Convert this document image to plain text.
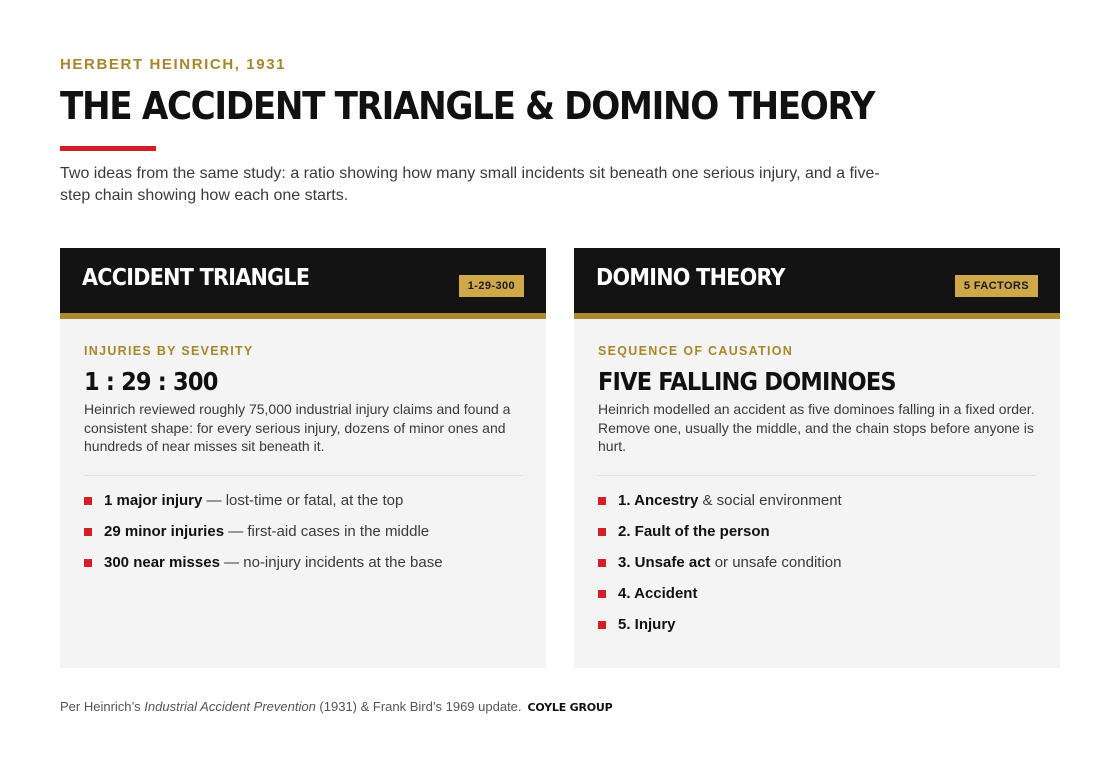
HERBERT HEINRICH, 1931
THE ACCIDENT TRIANGLE & DOMINO THEORY

Two ideas from the same study: a ratio showing how many small incidents sit beneath one serious injury, and a five-step chain showing how each one starts.

ACCIDENT TRIANGLE	1-29-300
INJURIES BY SEVERITY
1 : 29 : 300
Heinrich reviewed roughly 75,000 industrial injury claims and found a consistent shape: for every serious injury, dozens of minor ones and hundreds of near misses sit beneath it.
1 major injury — lost-time or fatal, at the top
29 minor injuries — first-aid cases in the middle
300 near misses — no-injury incidents at the base
DOMINO THEORY	5 FACTORS
SEQUENCE OF CAUSATION
FIVE FALLING DOMINOES
Heinrich modelled an accident as five dominoes falling in a fixed order. Remove one, usually the middle, and the chain stops before anyone is hurt.
1. Ancestry & social environment
2. Fault of the person
3. Unsafe act or unsafe condition
4. Accident
5. Injury
Per Heinrich’s Industrial Accident Prevention (1931) & Frank Bird’s 1969 update. COYLE GROUP
